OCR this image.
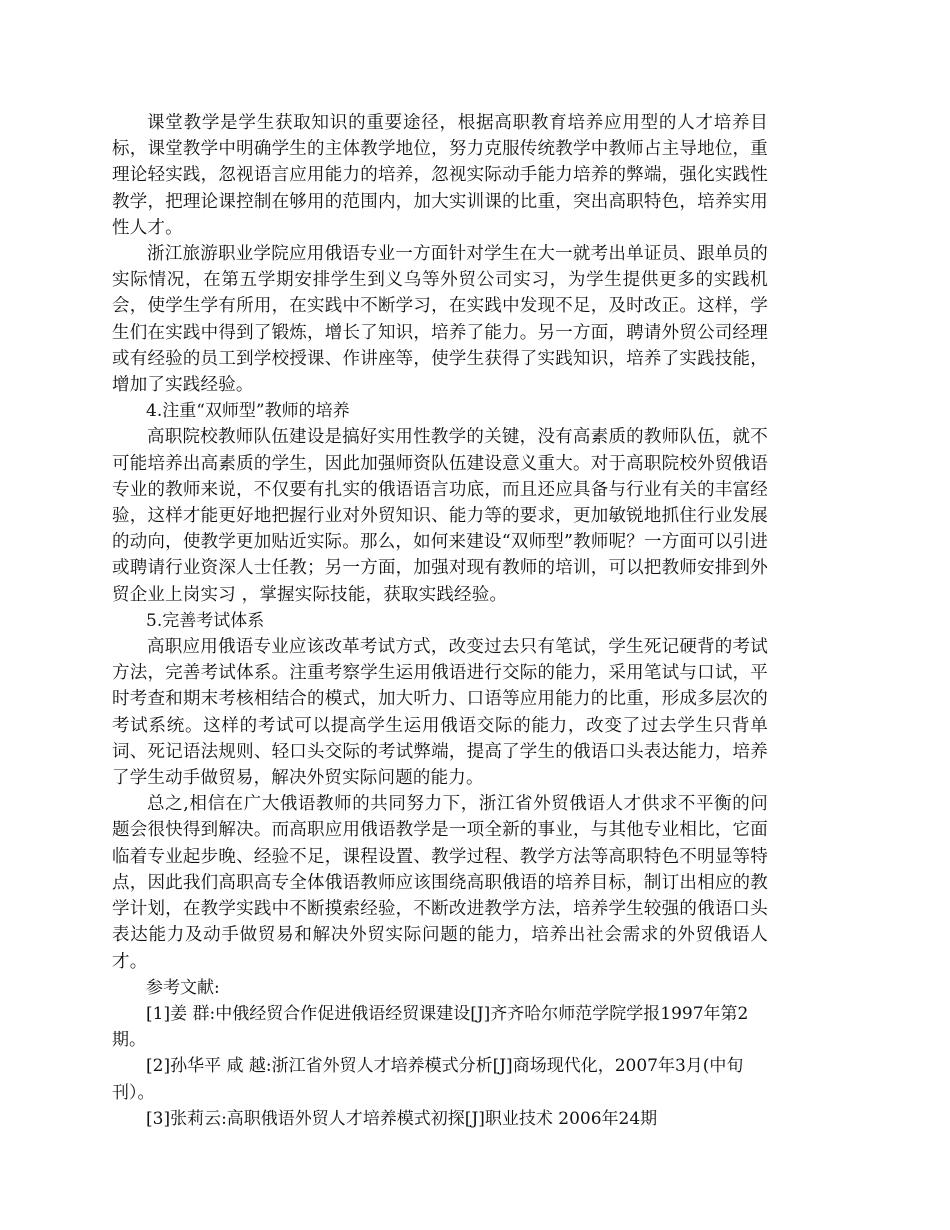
课堂教学是学生获取知识的重要途径，根据高职教育培养应用型的人才培养目标，课堂教学中明确学生的主体教学地位，努力克服传统教学中教师占主导地位，重理论轻实践，忽视语言应用能力的培养，忽视实际动手能力培养的弊端，强化实践性教学，把理论课控制在够用的范围内，加大实训课的比重，突出高职特色，培养实用性人才。

浙江旅游职业学院应用俄语专业一方面针对学生在大一就考出单证员、跟单员的实际情况，在第五学期安排学生到义乌等外贸公司实习，为学生提供更多的实践机会，使学生学有所用，在实践中不断学习，在实践中发现不足，及时改正。这样，学生们在实践中得到了锻炼，增长了知识，培养了能力。另一方面，聘请外贸公司经理或有经验的员工到学校授课、作讲座等，使学生获得了实践知识，培养了实践技能，增加了实践经验。

4.注重“双师型”教师的培养

高职院校教师队伍建设是搞好实用性教学的关键，没有高素质的教师队伍，就不可能培养出高素质的学生，因此加强师资队伍建设意义重大。对于高职院校外贸俄语专业的教师来说，不仅要有扎实的俄语语言功底，而且还应具备与行业有关的丰富经验，这样才能更好地把握行业对外贸知识、能力等的要求，更加敏锐地抓住行业发展的动向，使教学更加贴近实际。那么，如何来建设“双师型”教师呢？一方面可以引进或聘请行业资深人士任教；另一方面，加强对现有教师的培训，可以把教师安排到外贸企业上岗实习 ，掌握实际技能，获取实践经验。

5.完善考试体系

高职应用俄语专业应该改革考试方式，改变过去只有笔试，学生死记硬背的考试方法，完善考试体系。注重考察学生运用俄语进行交际的能力，采用笔试与口试，平时考查和期末考核相结合的模式，加大听力、口语等应用能力的比重，形成多层次的考试系统。这样的考试可以提高学生运用俄语交际的能力，改变了过去学生只背单词、死记语法规则、轻口头交际的考试弊端，提高了学生的俄语口头表达能力，培养了学生动手做贸易，解决外贸实际问题的能力。

总之,相信在广大俄语教师的共同努力下，浙江省外贸俄语人才供求不平衡的问题会很快得到解决。而高职应用俄语教学是一项全新的事业，与其他专业相比，它面临着专业起步晚、经验不足，课程设置、教学过程、教学方法等高职特色不明显等特点，因此我们高职高专全体俄语教师应该围绕高职俄语的培养目标，制订出相应的教学计划，在教学实践中不断摸索经验，不断改进教学方法，培养学生较强的俄语口头表达能力及动手做贸易和解决外贸实际问题的能力，培养出社会需求的外贸俄语人才。

参考文献:

[1]姜 群:中俄经贸合作促进俄语经贸课建设[J]齐齐哈尔师范学院学报1997年第2期。

[2]孙华平 咸 越:浙江省外贸人才培养模式分析[J]商场现代化，2007年3月(中旬刊）。

[3]张莉云:高职俄语外贸人才培养模式初探[J]职业技术 2006年24期
